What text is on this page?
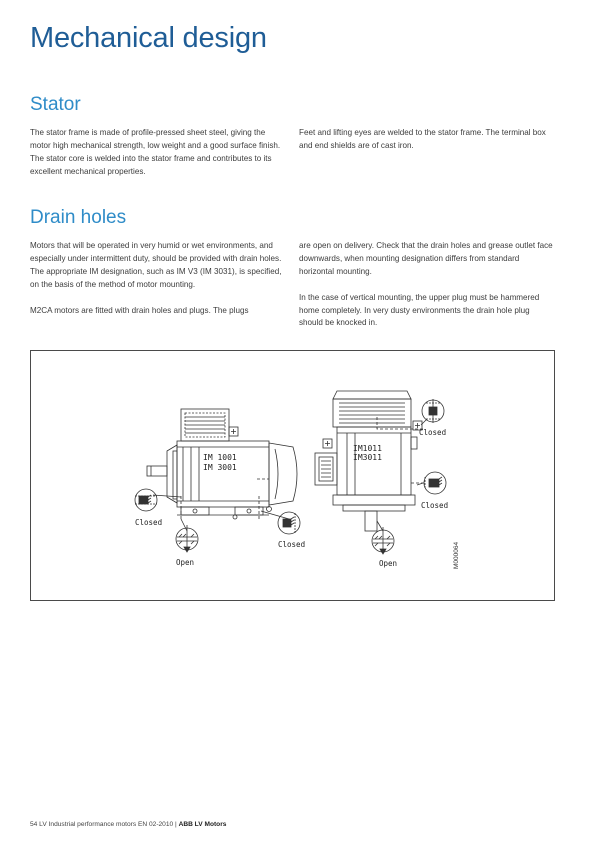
Mechanical design
Stator

The stator frame is made of profile-pressed sheet steel, giving the motor high mechanical strength, low weight and a good surface finish. The stator core is welded into the stator frame and contributes to its excellent mechanical properties.

Feet and lifting eyes are welded to the stator frame. The terminal box and end shields are of cast iron.

Drain holes

Motors that will be operated in very humid or wet environments, and especially under intermittent duty, should be provided with drain holes. The appropriate IM designation, such as IM V3 (IM 3031), is specified, on the basis of the method of motor mounting.

M2CA motors are fitted with drain holes and plugs. The plugs

are open on delivery. Check that the drain holes and grease outlet face downwards, when mounting designation differs from standard horizontal mounting.

In the case of vertical mounting, the upper plug must be hammered home completely. In very dusty environments the drain hole plug should be knocked in.

IM 1001
IM 3001
Closed
Open
Closed
IM1011
IM3011
Closed
Closed
Open	M000064
54 LV Industrial performance motors EN 02-2010 | ABB LV Motors
